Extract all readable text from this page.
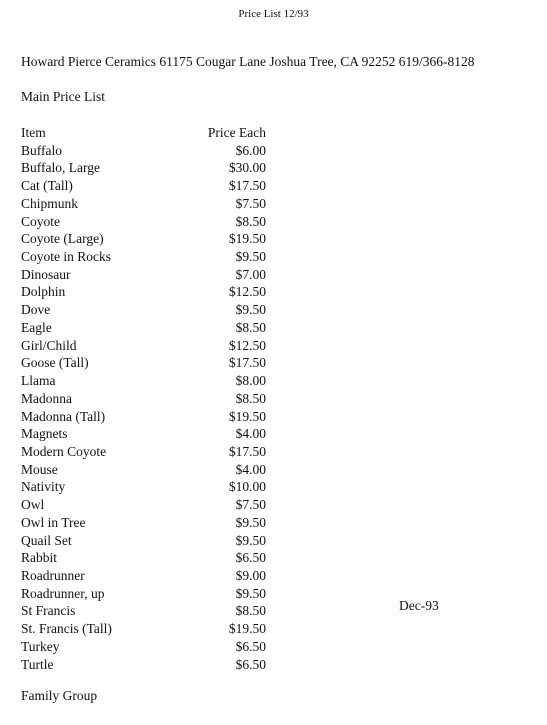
Price List 12/93
Howard Pierce Ceramics 61175 Cougar Lane Joshua Tree, CA 92252 619/366-8128
Main Price List
Item	Price Each
Buffalo	$6.00
Buffalo, Large	$30.00
Cat (Tall)	$17.50
Chipmunk	$7.50
Coyote	$8.50
Coyote (Large)	$19.50
Coyote in Rocks	$9.50
Dinosaur	$7.00
Dolphin	$12.50
Dove	$9.50
Eagle	$8.50
Girl/Child	$12.50
Goose (Tall)	$17.50
Llama	$8.00
Madonna	$8.50
Madonna (Tall)	$19.50
Magnets	$4.00
Modern Coyote	$17.50
Mouse	$4.00
Nativity	$10.00
Owl	$7.50
Owl in Tree	$9.50
Quail Set	$9.50
Rabbit	$6.50
Roadrunner	$9.00
Roadrunner, up	$9.50
St Francis	$8.50
St. Francis (Tall)	$19.50
Turkey	$6.50
Turtle	$6.50
Dec-93
Family Group
